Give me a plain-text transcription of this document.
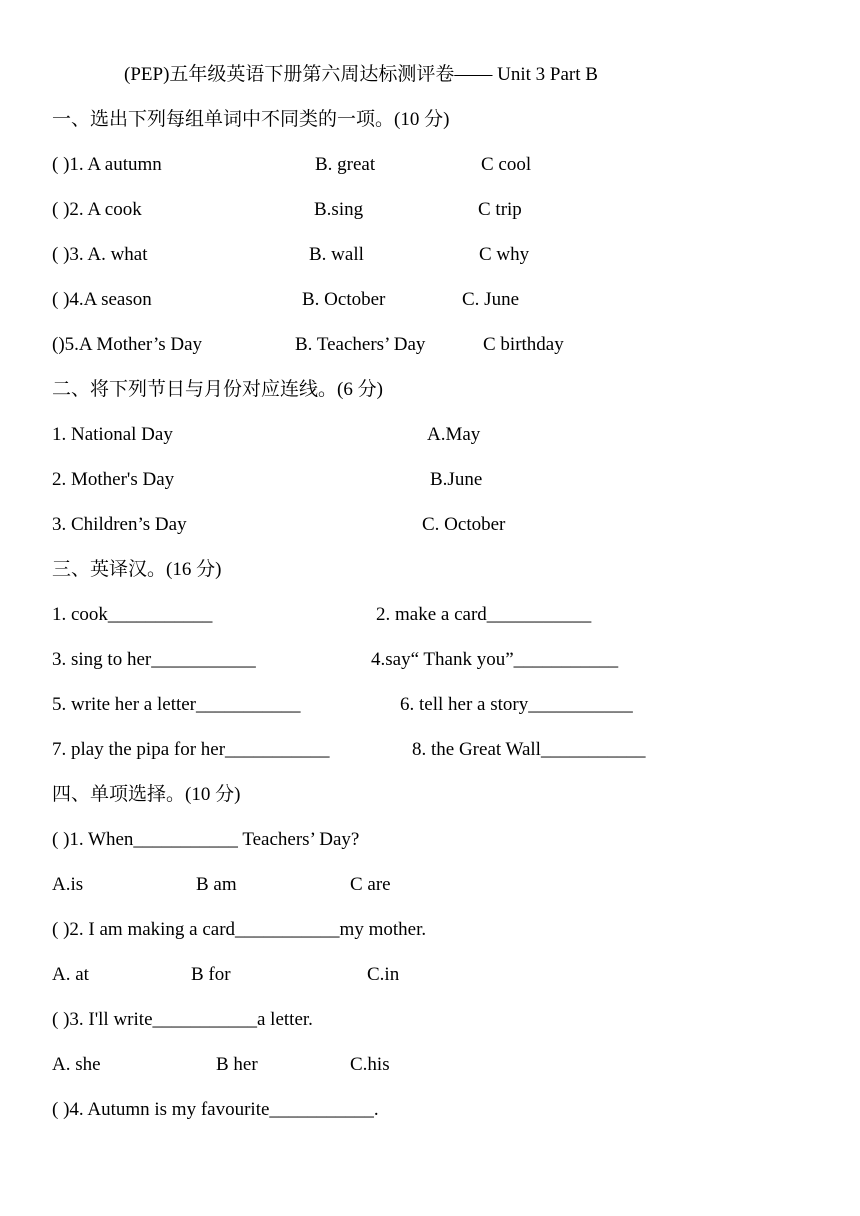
(PEP)五年级英语下册第六周达标测评卷—— Unit 3 Part B
一、选出下列每组单词中不同类的一项。(10 分)
( )1. A autumn	B. great	C cool
( )2. A cook	B.sing	C trip
( )3. A. what	B. wall	C why
( )4.A season	B. October	C. June
()5.A Mother’s Day	B. Teachers’ Day	C birthday
二、将下列节日与月份对应连线。(6 分)
1. National Day	A.May
2. Mother's Day	B.June
3. Children’s Day	C. October
三、英译汉。(16 分)
1. cook___________	2. make a card___________
3. sing to her___________	4.say“ Thank you”___________
5. write her a letter___________	6. tell her a story___________
7. play the pipa for her___________	8. the Great Wall___________
四、单项选择。(10 分)
( )1. When___________ Teachers’ Day?
A.is	B am	C are
( )2. I am making a card___________my mother.
A. at	B for	C.in
( )3. I'll write___________a letter.
A. she	B her	C.his
( )4. Autumn is my favourite___________.
